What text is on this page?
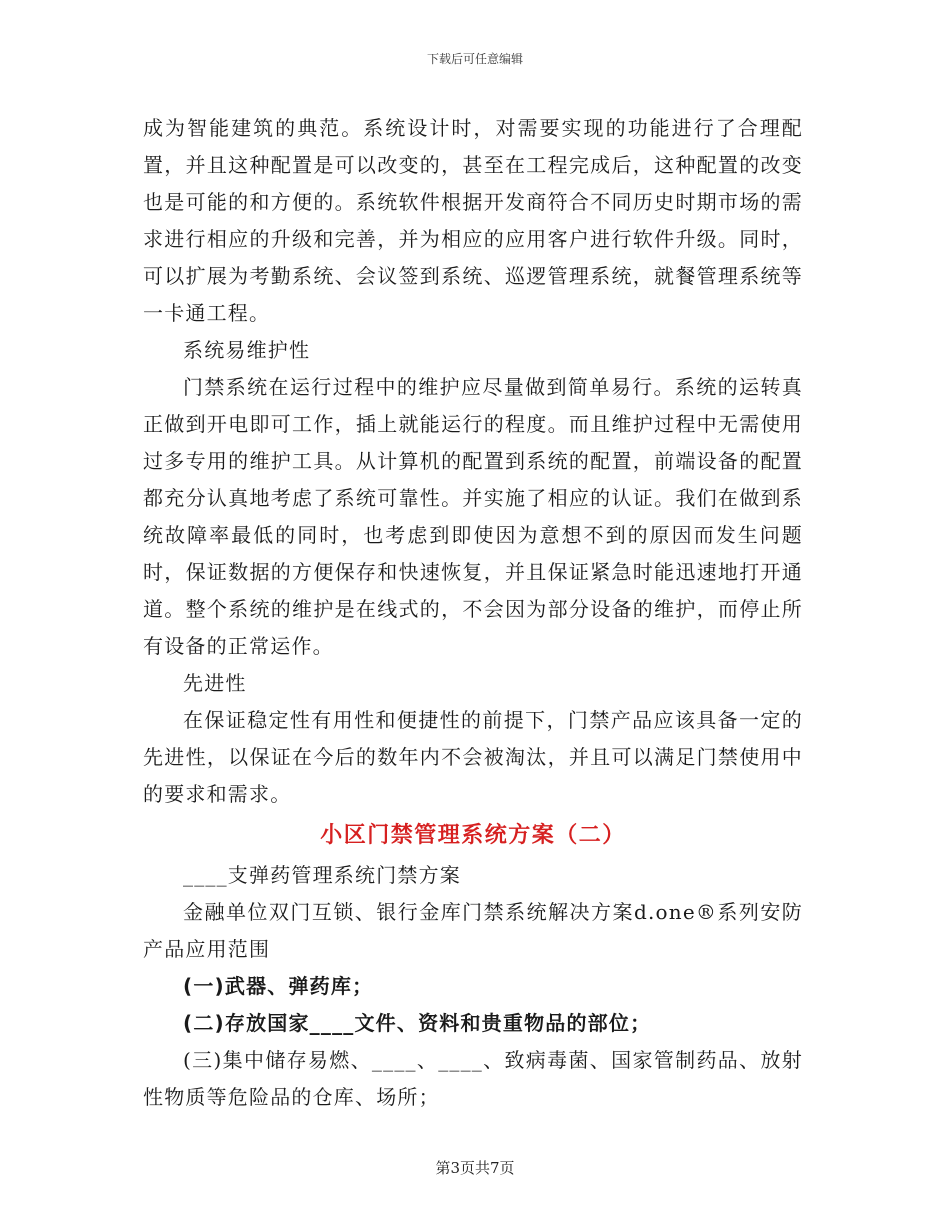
下载后可任意编辑

成为智能建筑的典范。系统设计时，对需要实现的功能进行了合理配置，并且这种配置是可以改变的，甚至在工程完成后，这种配置的改变也是可能的和方便的。系统软件根据开发商符合不同历史时期市场的需求进行相应的升级和完善，并为相应的应用客户进行软件升级。同时，可以扩展为考勤系统、会议签到系统、巡逻管理系统，就餐管理系统等一卡通工程。

系统易维护性

门禁系统在运行过程中的维护应尽量做到简单易行。系统的运转真正做到开电即可工作，插上就能运行的程度。而且维护过程中无需使用过多专用的维护工具。从计算机的配置到系统的配置，前端设备的配置都充分认真地考虑了系统可靠性。并实施了相应的认证。我们在做到系统故障率最低的同时，也考虑到即使因为意想不到的原因而发生问题时，保证数据的方便保存和快速恢复，并且保证紧急时能迅速地打开通道。整个系统的维护是在线式的，不会因为部分设备的维护，而停止所有设备的正常运作。

先进性

在保证稳定性有用性和便捷性的前提下，门禁产品应该具备一定的先进性，以保证在今后的数年内不会被淘汰，并且可以满足门禁使用中的要求和需求。

小区门禁管理系统方案（二）

____支弹药管理系统门禁方案

金融单位双门互锁、银行金库门禁系统解决方案d.one®系列安防产品应用范围

(一)武器、弹药库；

(二)存放国家____文件、资料和贵重物品的部位；

(三)集中储存易燃、____、____、致病毒菌、国家管制药品、放射性物质等危险品的仓库、场所；

第3页共7页
